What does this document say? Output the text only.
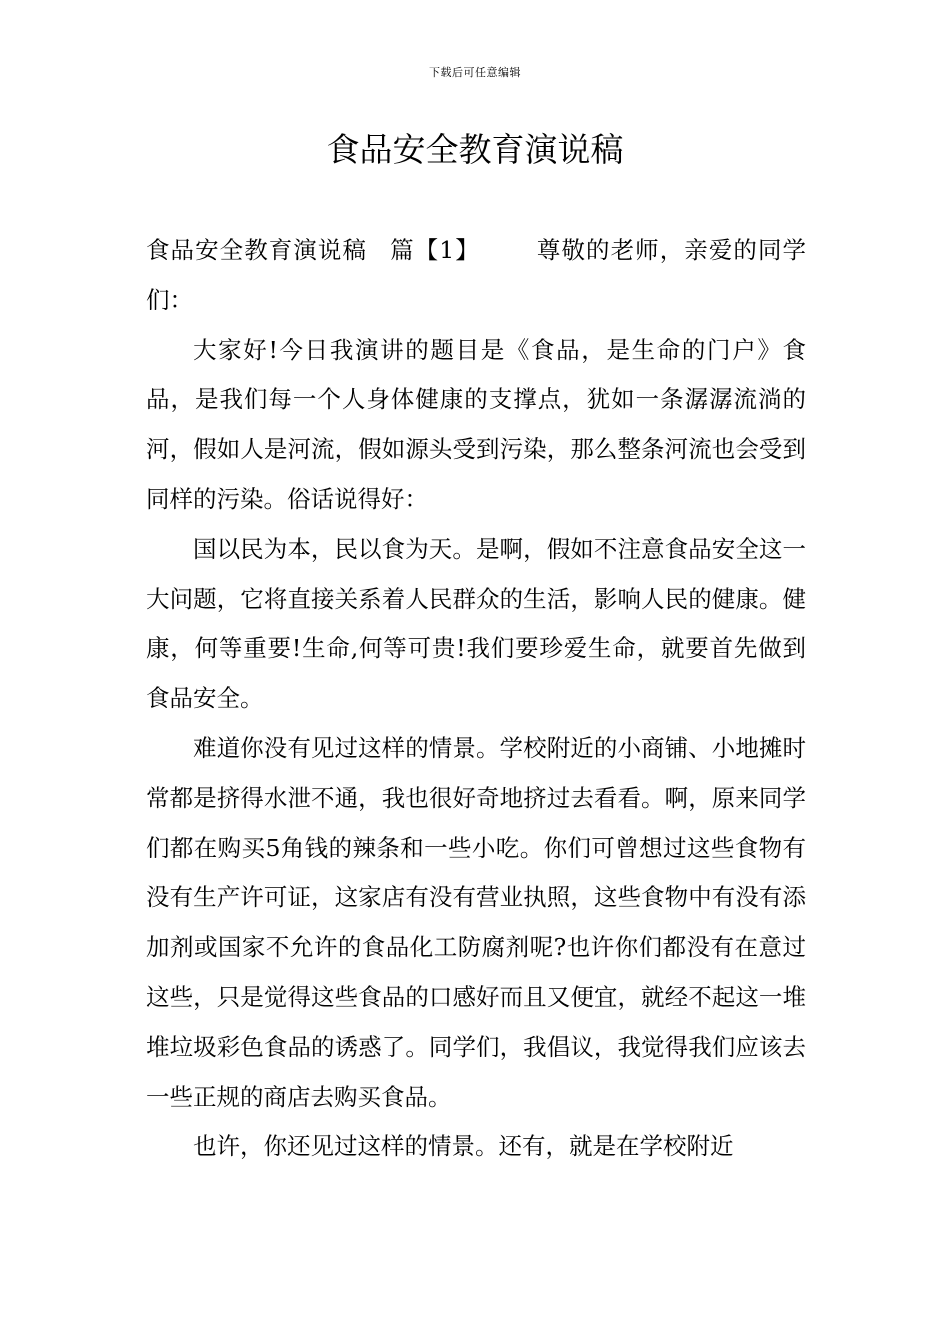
下载后可任意编辑
食品安全教育演说稿

食品安全教育演说稿 篇【1】 尊敬的老师，亲爱的同学们：

大家好!今日我演讲的题目是《食品，是生命的门户》食品，是我们每一个人身体健康的支撑点，犹如一条潺潺流淌的河，假如人是河流，假如源头受到污染，那么整条河流也会受到同样的污染。俗话说得好：

国以民为本，民以食为天。是啊，假如不注意食品安全这一大问题，它将直接关系着人民群众的生活，影响人民的健康。健康，何等重要!生命,何等可贵!我们要珍爱生命，就要首先做到食品安全。

难道你没有见过这样的情景。学校附近的小商铺、小地摊时常都是挤得水泄不通，我也很好奇地挤过去看看。啊，原来同学们都在购买5角钱的辣条和一些小吃。你们可曾想过这些食物有没有生产许可证，这家店有没有营业执照，这些食物中有没有添加剂或国家不允许的食品化工防腐剂呢?也许你们都没有在意过这些，只是觉得这些食品的口感好而且又便宜，就经不起这一堆堆垃圾彩色食品的诱惑了。同学们，我倡议，我觉得我们应该去一些正规的商店去购买食品。

也许，你还见过这样的情景。还有，就是在学校附近
